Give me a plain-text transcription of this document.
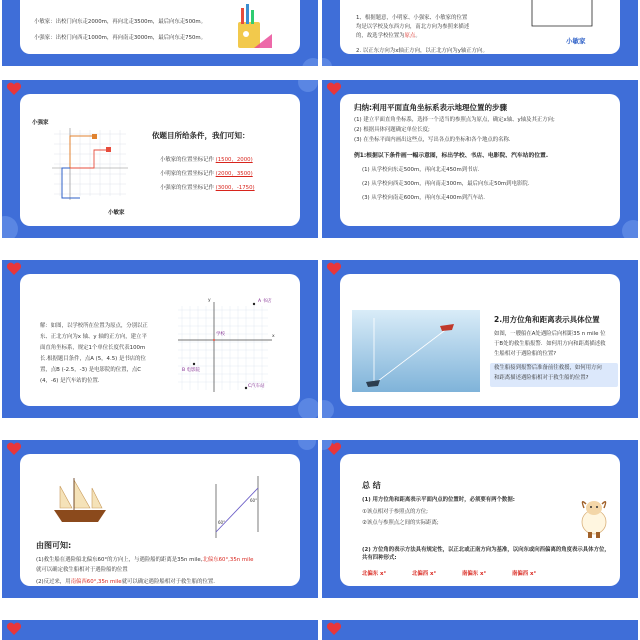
小敏家：出校门向东走2000m，再向北走3500m，最后向东走500m。
小强家：出校门向西走1000m，再向南走3000m，最后向东走750m。
1、根据题意，小明家、小强家、小敏家的位置
均是以学校及东西方向，南北方向为参照来描述
的，故选学校位置为原点。
2. 以正东方向为x轴正方向，以正北方向为y轴正方向。
小敏家
小强家
小敏家
依题目所给条件，我们可知：
小敏家的位置坐标记作 (1500，2000)
小明家的位置坐标记作 (2000，3500)
小强家的位置坐标记作 (3000，-1750)
归纳:利用平面直角坐标系表示地理位置的步骤
(1) 建立平面直角坐标系，选择一个适当的参照点为原点，确定x轴、y轴及其正方向;
(2) 根据具体问题确定单位长度;
(3) 在坐标平面内画出这些点，写出各点的坐标和各个地点的名称.
例1:根据以下条件画一幅示意图，标出学校、书店、电影院、汽车站的位置.
(1) 从学校向东走500m，再向北走450m到书店.
(2) 从学校向西走300m，再向南走300m，最后向东走50m到电影院.
(3) 从学校向南走600m，再向东走400m到汽车站.
解：如图，以学校所在位置为原点，分别以正
东、正北方向为x 轴、y 轴的正方向，建立平
面直角坐标系，规定1个单位长度代表100m
长.根据题目条件，点A (5，4.5) 是书店的位
置，点B (-2.5，-3) 是电影院的位置，点C
(4，-6) 是汽车站的位置.
A 书店
B 电影院
C汽车站
学校	x
y
2.用方位角和距离表示具体位置
如图，一艘船在A处遇险后向相距35 n mile 位
于B处的救生船报警．如何用方向和距离描述救
生船相对于遇险船的位置?
救生船接到报警后准备前往救援，如何用方向
和距离描述遇险船相对于救生船的位置?
60°
60°
由图可知:
(1)救生船在遇险船北偏东60°的方向上，与遇险船的距离是35n mile,北偏东60°,35n mile
就可以确定救生船相对于遇险船的位置
(2)反过来，用南偏西60°,35n mile就可以确定遇险船相对于救生船的位置.
总 结
(1) 用方位角和距离表示平面内点的位置时，必须要有两个数据:
①该点相对于参照点的方位;
②该点与参照点之间的实际距离;
(2) 方位角的表示方法具有规定性，以正北或正南方向为基准，以向东或向西偏离的角度表示具体方位，共有四种形式:
北偏东 x°	北偏西 x°	南偏东 x°	南偏西 x°
